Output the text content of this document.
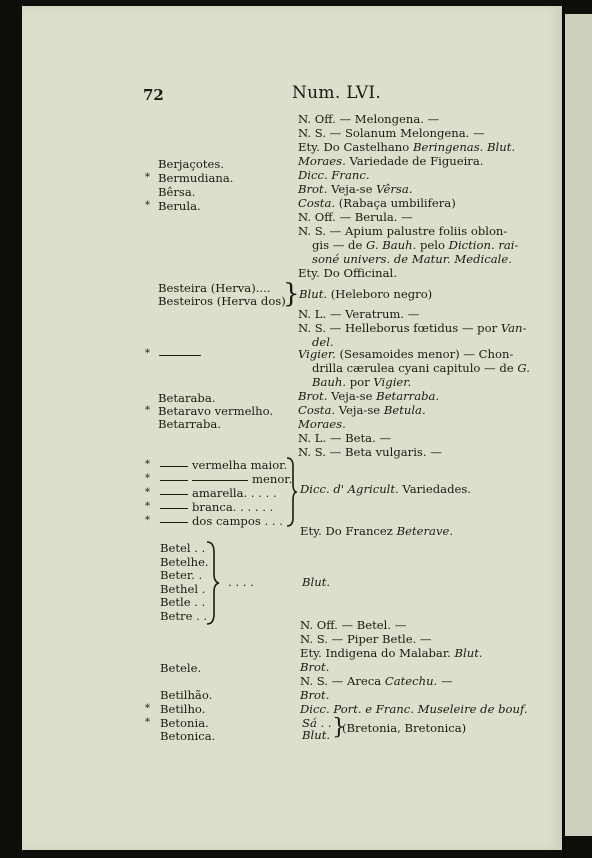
72	Num. LVI.
Berjaçotes.
* Bermudiana.
Bêrsa.
* Berula.
Besteira (Herva)....
Besteiros (Herva dos)
}
*
Betaraba.
* Betaravo vermelho.
Betarraba.
*	vermelha maior.
*	menor.
*	amarella. . . . .
*	branca. . . . . .
*	dos campos . . .
Betel . .
Betelhe.
Beter. .
Bethel .
Betle . .
Betre . .
Betele.
Betilhão.
* Betilho.
* Betonia.
Betonica.
N. Off. — Melongena. —
N. S. — Solanum Melongena. —
Ety. Do Castelhano Beringenas. Blut.
Moraes. Variedade de Figueira.
Dicc. Franc.
Brot. Veja-se Vêrsa.
Costa. (Rabaça umbilifera)
N. Off. — Berula. —
N. S. — Apium palustre foliis oblon-
gis — de G. Bauh. pelo Diction. rai-
soné univers. de Matur. Medicale.
Ety. Do Officinal.
Blut. (Heleboro negro)
N. L. — Veratrum. —
N. S. — Helleborus fœtidus — por Van-
del.
Vigier. (Sesamoides menor) — Chon-
drilla cærulea cyani capitulo — de G.
Bauh. por Vigier.
Brot. Veja-se Betarraba.
Costa. Veja-se Betula.
Moraes.
N. L. — Beta. —
N. S. — Beta vulgaris. —
Dicc. d' Agricult. Variedades.
Ety. Do Francez Beterave.
. . . .	Blut.
N. Off. — Betel. —
N. S. — Piper Betle. —
Ety. Indigena do Malabar. Blut.
Brot.
N. S. — Areca Catechu. —
Brot.
Dicc. Port. e Franc. Museleire de bouf.
Sá . .
Blut. }
(Bretonia, Bretonica)
